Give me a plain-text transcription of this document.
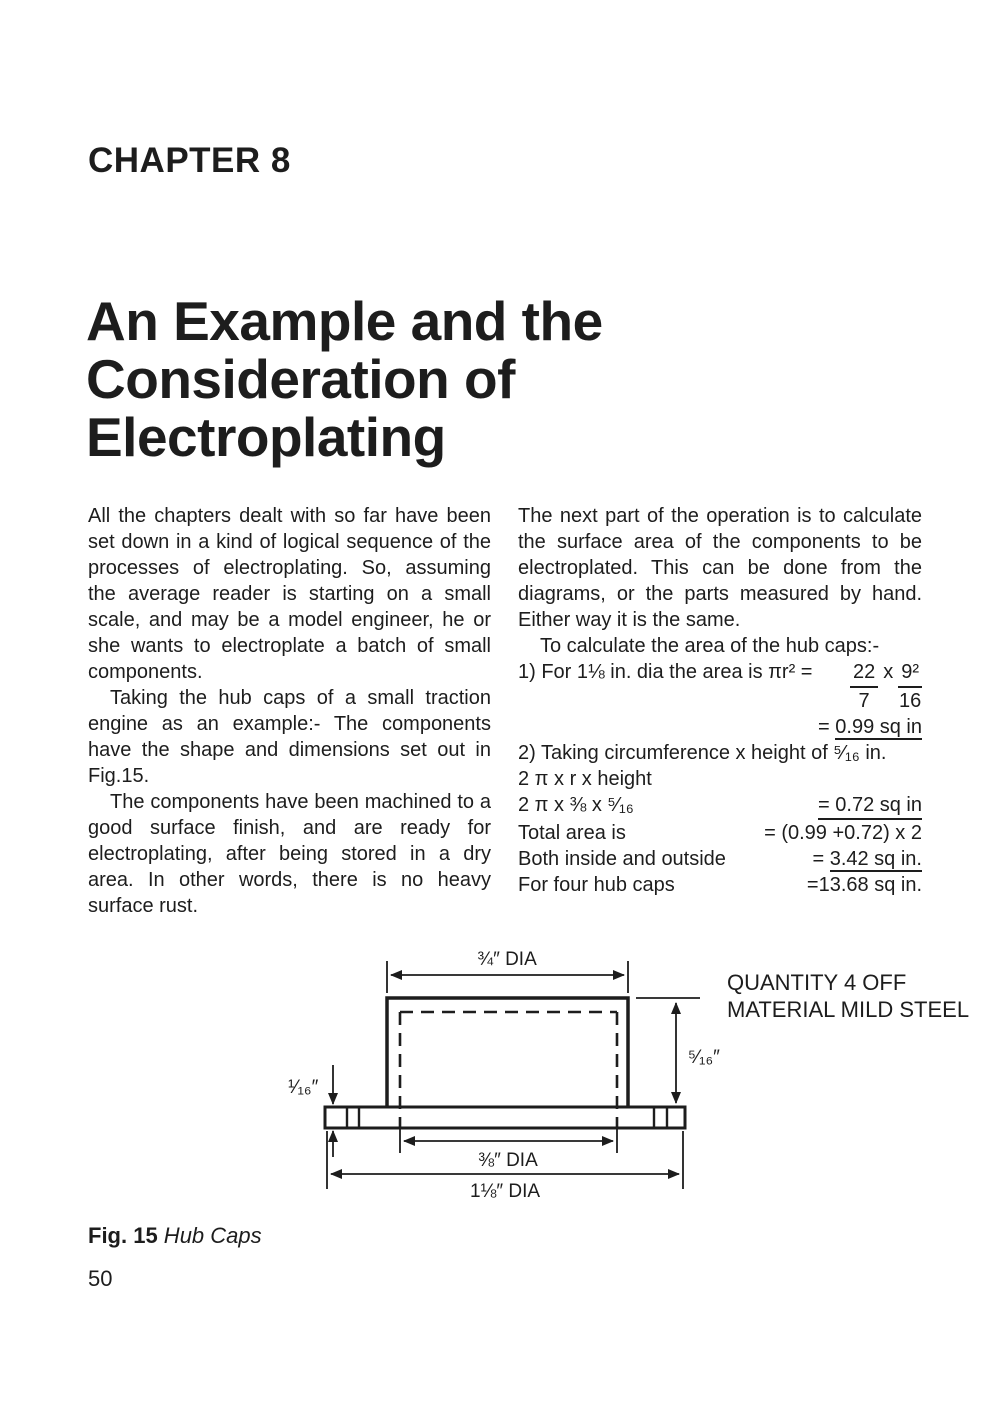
CHAPTER 8
An Example and the Consideration of Electroplating

All the chapters dealt with so far have been set down in a kind of logical sequence of the processes of electroplating. So, assuming the average reader is starting on a small scale, and may be a model engineer, he or she wants to electroplate a batch of small components.

Taking the hub caps of a small traction engine as an example:- The components have the shape and dimensions set out in Fig.15.

The components have been machined to a good surface finish, and are ready for electroplating, after being stored in a dry area. In other words, there is no heavy surface rust.

The next part of the operation is to calculate the surface area of the components to be electroplated. This can be done from the diagrams, or the parts measured by hand. Either way it is the same.

To calculate the area of the hub caps:-

1) For 1⅛ in. dia the area is $\pi r^2 = \frac{22}{7}$ x $\frac{\text{9²}}{16}$
= 0.99 sq in
2) Taking circumference x height of ⁵⁄₁₆ in.
2 π x r x height
2 π x ⅜ x ⁵⁄₁₆	= 0.72 sq in
Total area is	= (0.99 +0.72) x 2
Both inside and outside	= 3.42 sq in.
For four hub caps	=13.68 sq in.
¾″ DIA
⁵⁄₁₆″
¹⁄₁₆″
⅜″ DIA
1⅛″ DIA
QUANTITY 4 OFF
MATERIAL MILD STEEL
Fig. 15 Hub Caps
50
